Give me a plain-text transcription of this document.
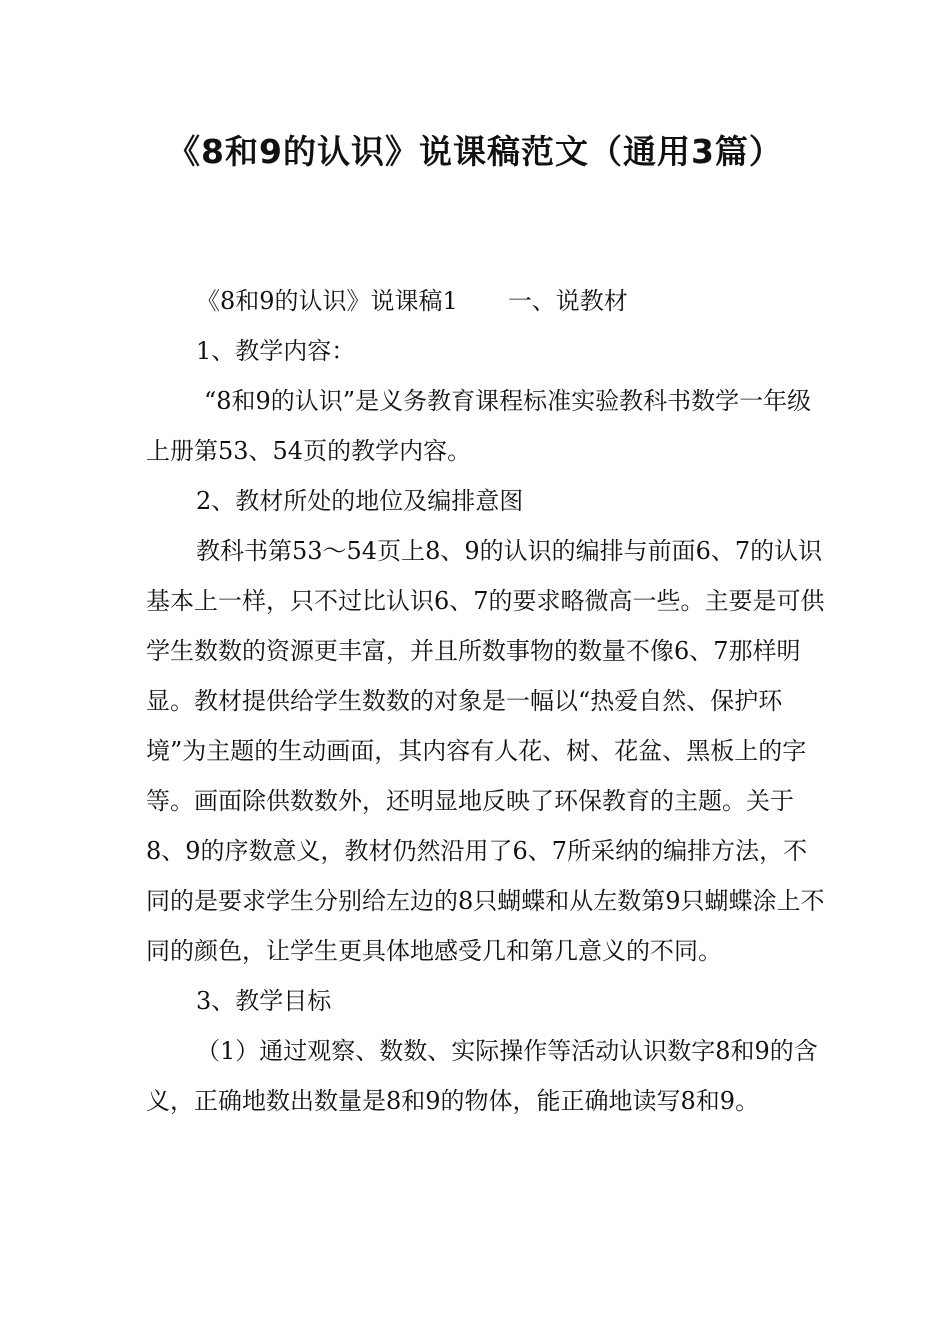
《8和9的认识》说课稿范文（通用3篇）

《8和9的认识》说课稿1 一、说教材

1、教学内容：

“8和9的认识”是义务教育课程标准实验教科书数学一年级上册第53、54页的教学内容。

2、教材所处的地位及编排意图

教科书第53～54页上8、9的认识的编排与前面6、7的认识基本上一样，只不过比认识6、7的要求略微高一些。主要是可供学生数数的资源更丰富，并且所数事物的数量不像6、7那样明显。教材提供给学生数数的对象是一幅以“热爱自然、保护环境”为主题的生动画面，其内容有人花、树、花盆、黑板上的字等。画面除供数数外，还明显地反映了环保教育的主题。关于8、9的序数意义，教材仍然沿用了6、7所采纳的编排方法，不同的是要求学生分别给左边的8只蝴蝶和从左数第9只蝴蝶涂上不同的颜色，让学生更具体地感受几和第几意义的不同。

3、教学目标

（1）通过观察、数数、实际操作等活动认识数字8和9的含义，正确地数出数量是8和9的物体，能正确地读写8和9。
